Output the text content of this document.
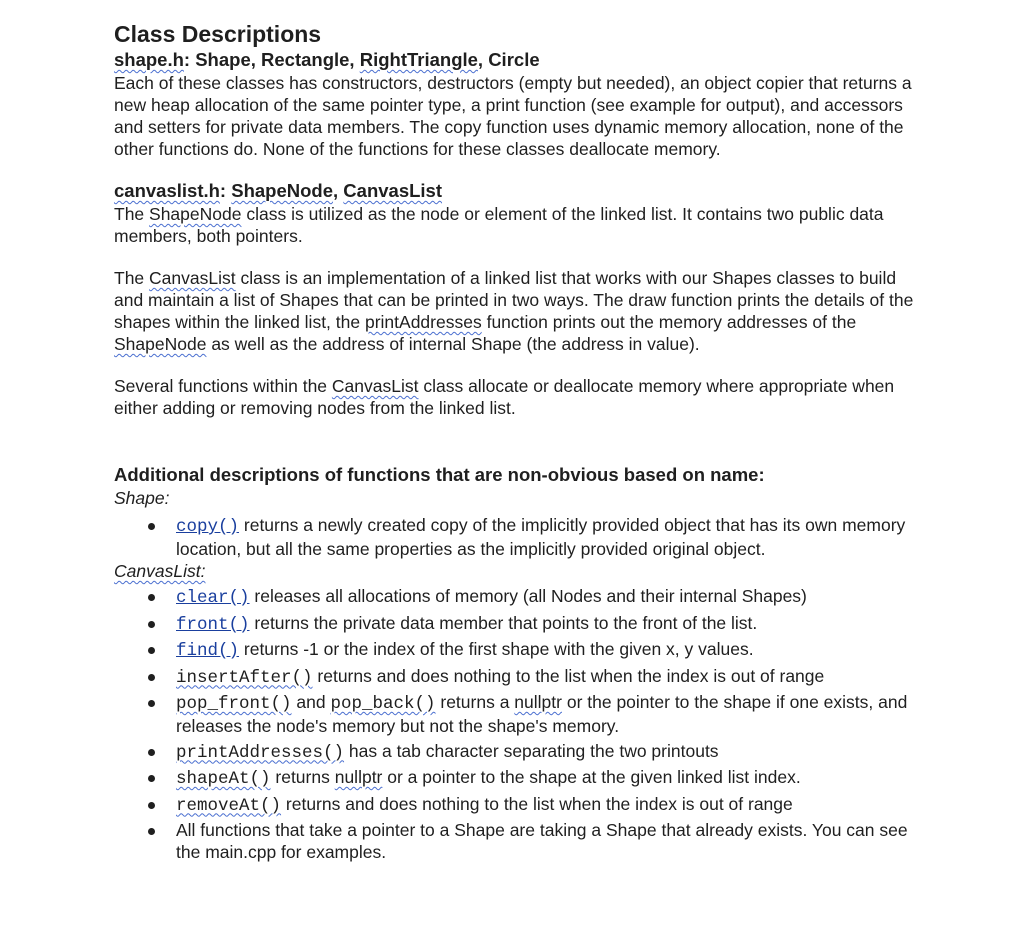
Class Descriptions
shape.h: Shape, Rectangle, RightTriangle, Circle

Each of these classes has constructors, destructors (empty but needed), an object copier that returns a new heap allocation of the same pointer type, a print function (see example for output), and accessors and setters for private data members. The copy function uses dynamic memory allocation, none of the other functions do. None of the functions for these classes deallocate memory.

canvaslist.h: ShapeNode, CanvasList

The ShapeNode class is utilized as the node or element of the linked list. It contains two public data members, both pointers.

The CanvasList class is an implementation of a linked list that works with our Shapes classes to build and maintain a list of Shapes that can be printed in two ways. The draw function prints the details of the shapes within the linked list, the printAddresses function prints out the memory addresses of the ShapeNode as well as the address of internal Shape (the address in value).

Several functions within the CanvasList class allocate or deallocate memory where appropriate when either adding or removing nodes from the linked list.

Additional descriptions of functions that are non-obvious based on name:

Shape:

copy() returns a newly created copy of the implicitly provided object that has its own memory location, but all the same properties as the implicitly provided original object.

CanvasList:

clear() releases all allocations of memory (all Nodes and their internal Shapes)
front() returns the private data member that points to the front of the list.
find() returns -1 or the index of the first shape with the given x, y values.
insertAfter() returns and does nothing to the list when the index is out of range
pop_front() and pop_back() returns a nullptr or the pointer to the shape if one exists, and releases the node's memory but not the shape's memory.
printAddresses() has a tab character separating the two printouts
shapeAt() returns nullptr or a pointer to the shape at the given linked list index.
removeAt() returns and does nothing to the list when the index is out of range
All functions that take a pointer to a Shape are taking a Shape that already exists. You can see the main.cpp for examples.
